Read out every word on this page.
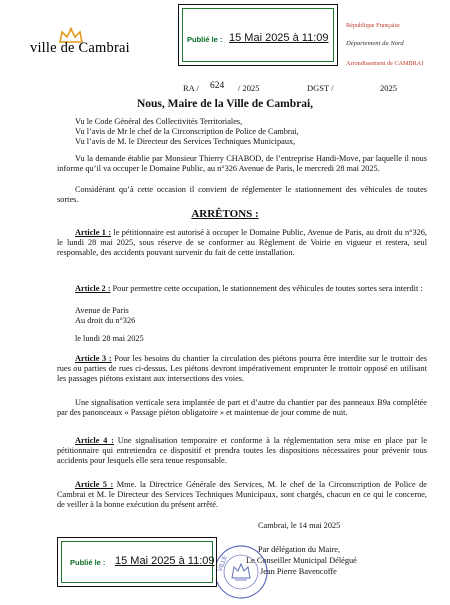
ville de Cambrai
Publié le : 15 Mai 2025 à 11:09
République Française
Département du Nord
Arrondissement de CAMBRAI
RA / 624 / 2025	DGST /	2025
Nous, Maire de la Ville de Cambrai,
Vu le Code Général des Collectivités Territoriales,
Vu l’avis de Mr le chef de la Circonscription de Police de Cambrai,
Vu l’avis de M. le Directeur des Services Techniques Municipaux,
Vu la demande établie par Monsieur Thierry CHABOD, de l’entreprise Handi-Move, par laquelle il nous informe qu’il va occuper le Domaine Public, au n°326 Avenue de Paris, le mercredi 28 mai 2025.
Considérant qu’à cette occasion il convient de réglementer le stationnement des véhicules de toutes sortes.
ARRÊTONS :
Article 1 : le pétitionnaire est autorisé à occuper le Domaine Public, Avenue de Paris, au droit du n°326, le lundi 28 mai 2025, sous réserve de se conformer au Règlement de Voirie en vigueur et restera, seul responsable, des accidents pouvant survenir du fait de cette installation.
Article 2 : Pour permettre cette occupation, le stationnement des véhicules de toutes sortes sera interdit :
Avenue de Paris
Au droit du n°326
le lundi 28 mai 2025
Article 3 : Pour les besoins du chantier la circulation des piétons pourra être interdite sur le trottoir des rues ou parties de rues ci-dessus. Les piétons devront impérativement emprunter le trottoir opposé en utilisant les passages piétons existant aux intersections des voies.
Une signalisation verticale sera implantée de part et d’autre du chantier par des panneaux B9a complétée par des panonceaux « Passage piéton obligatoire » et maintenue de jour comme de nuit.
Article 4 : Une signalisation temporaire et conforme à la réglementation sera mise en place par le pétitionnaire qui entretiendra ce dispositif et prendra toutes les dispositions nécessaires pour prévenir tous accidents pour lesquels elle sera tenue responsable.
Article 5 : Mme. la Directrice Générale des Services, M. le chef de la Circonscription de Police de Cambrai et M. le Directeur des Services Techniques Municipaux, sont chargés, chacun en ce qui le concerne, de veiller à la bonne exécution du présent arrêté.
Cambrai, le 14 mai 2025
Par délégation du Maire,
Le Conseiller Municipal Délégué
Jean Pierre Bavencoffe
VILLE
Publié le : 15 Mai 2025 à 11:09
